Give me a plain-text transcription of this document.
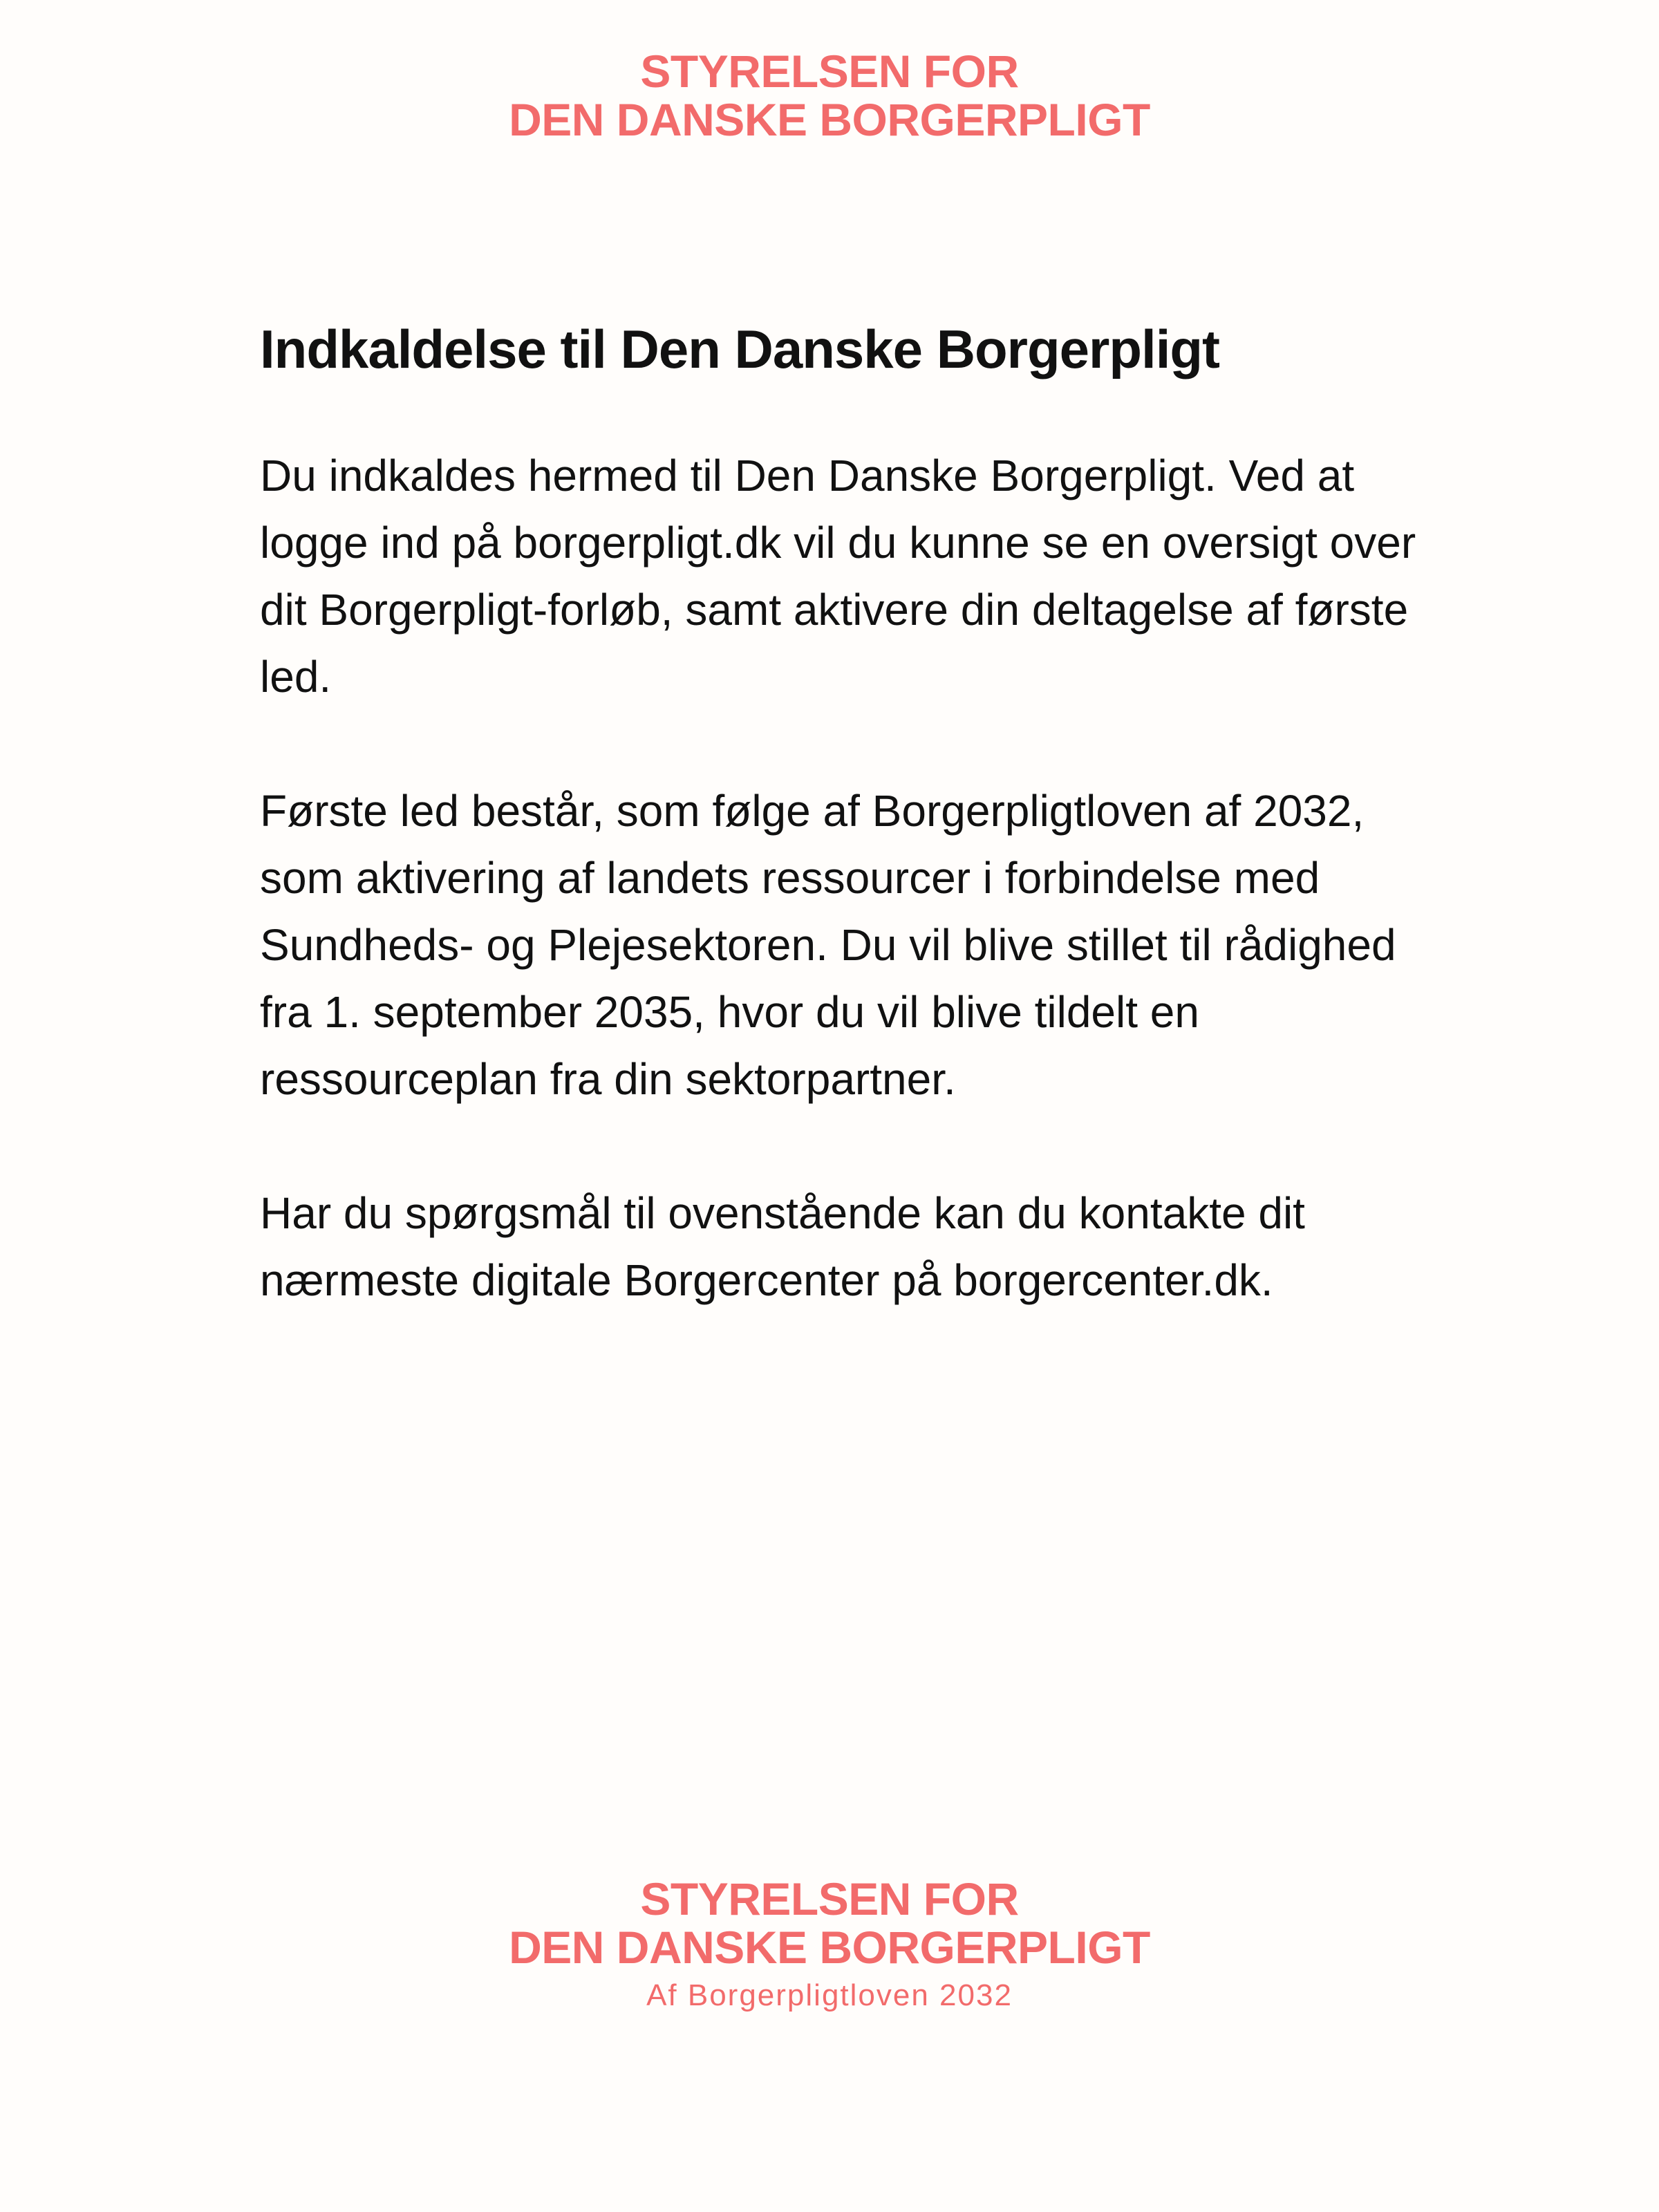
STYRELSEN FOR
DEN DANSKE BORGERPLIGT
Indkaldelse til Den Danske Borgerpligt

Du indkaldes hermed til Den Danske Borgerpligt. Ved at logge ind på borgerpligt.dk vil du kunne se en oversigt over dit Borgerpligt-forløb, samt aktivere din deltagelse af første led.

Første led består, som følge af Borgerpligtloven af 2032, som aktivering af landets ressourcer i forbindelse med Sundheds- og Plejesektoren. Du vil blive stillet til rådighed fra 1. september 2035, hvor du vil blive tildelt en ressourceplan fra din sektorpartner.

Har du spørgsmål til ovenstående kan du kontakte dit nærmeste digitale Borgercenter på borgercenter.dk.

STYRELSEN FOR
DEN DANSKE BORGERPLIGT
Af Borgerpligtloven 2032
